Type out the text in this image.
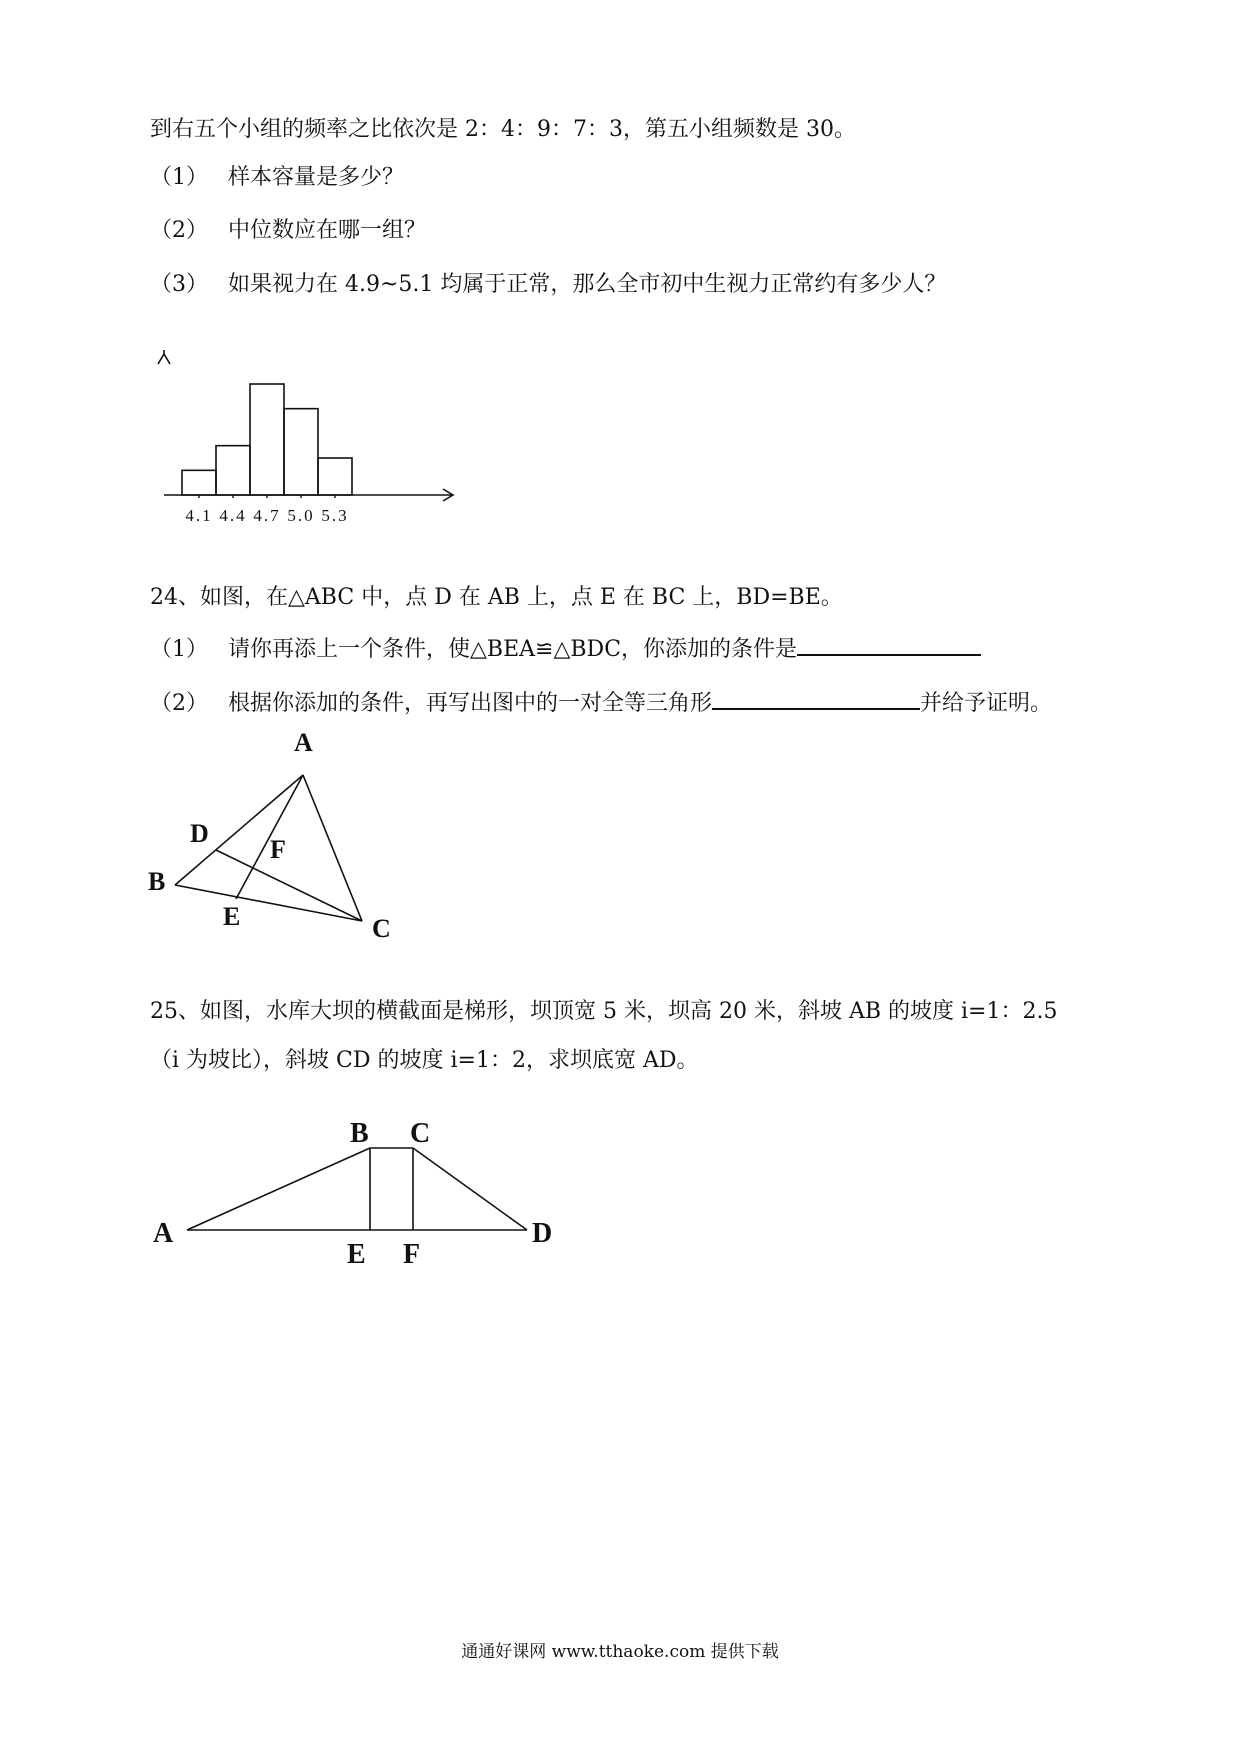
到右五个小组的频率之比依次是 2：4：9：7：3，第五小组频数是 30。
（1） 样本容量是多少？
（2） 中位数应在哪一组？
（3） 如果视力在 4.9~5.1 均属于正常，那么全市初中生视力正常约有多少人？
4.1 4.4 4.7 5.0 5.3
24、如图，在△ABC 中，点 D 在 AB 上，点 E 在 BC 上，BD=BE。
（1） 请你再添上一个条件，使△BEA≌△BDC，你添加的条件是
（2） 根据你添加的条件，再写出图中的一对全等三角形	并给予证明。
A
D
F
B
E	C
25、如图，水库大坝的横截面是梯形，坝顶宽 5 米，坝高 20 米，斜坡 AB 的坡度 i=1：2.5
（i 为坡比），斜坡 CD 的坡度 i=1：2，求坝底宽 AD。
B C
A	D
E F
通通好课网 www.tthaoke.com 提供下载
